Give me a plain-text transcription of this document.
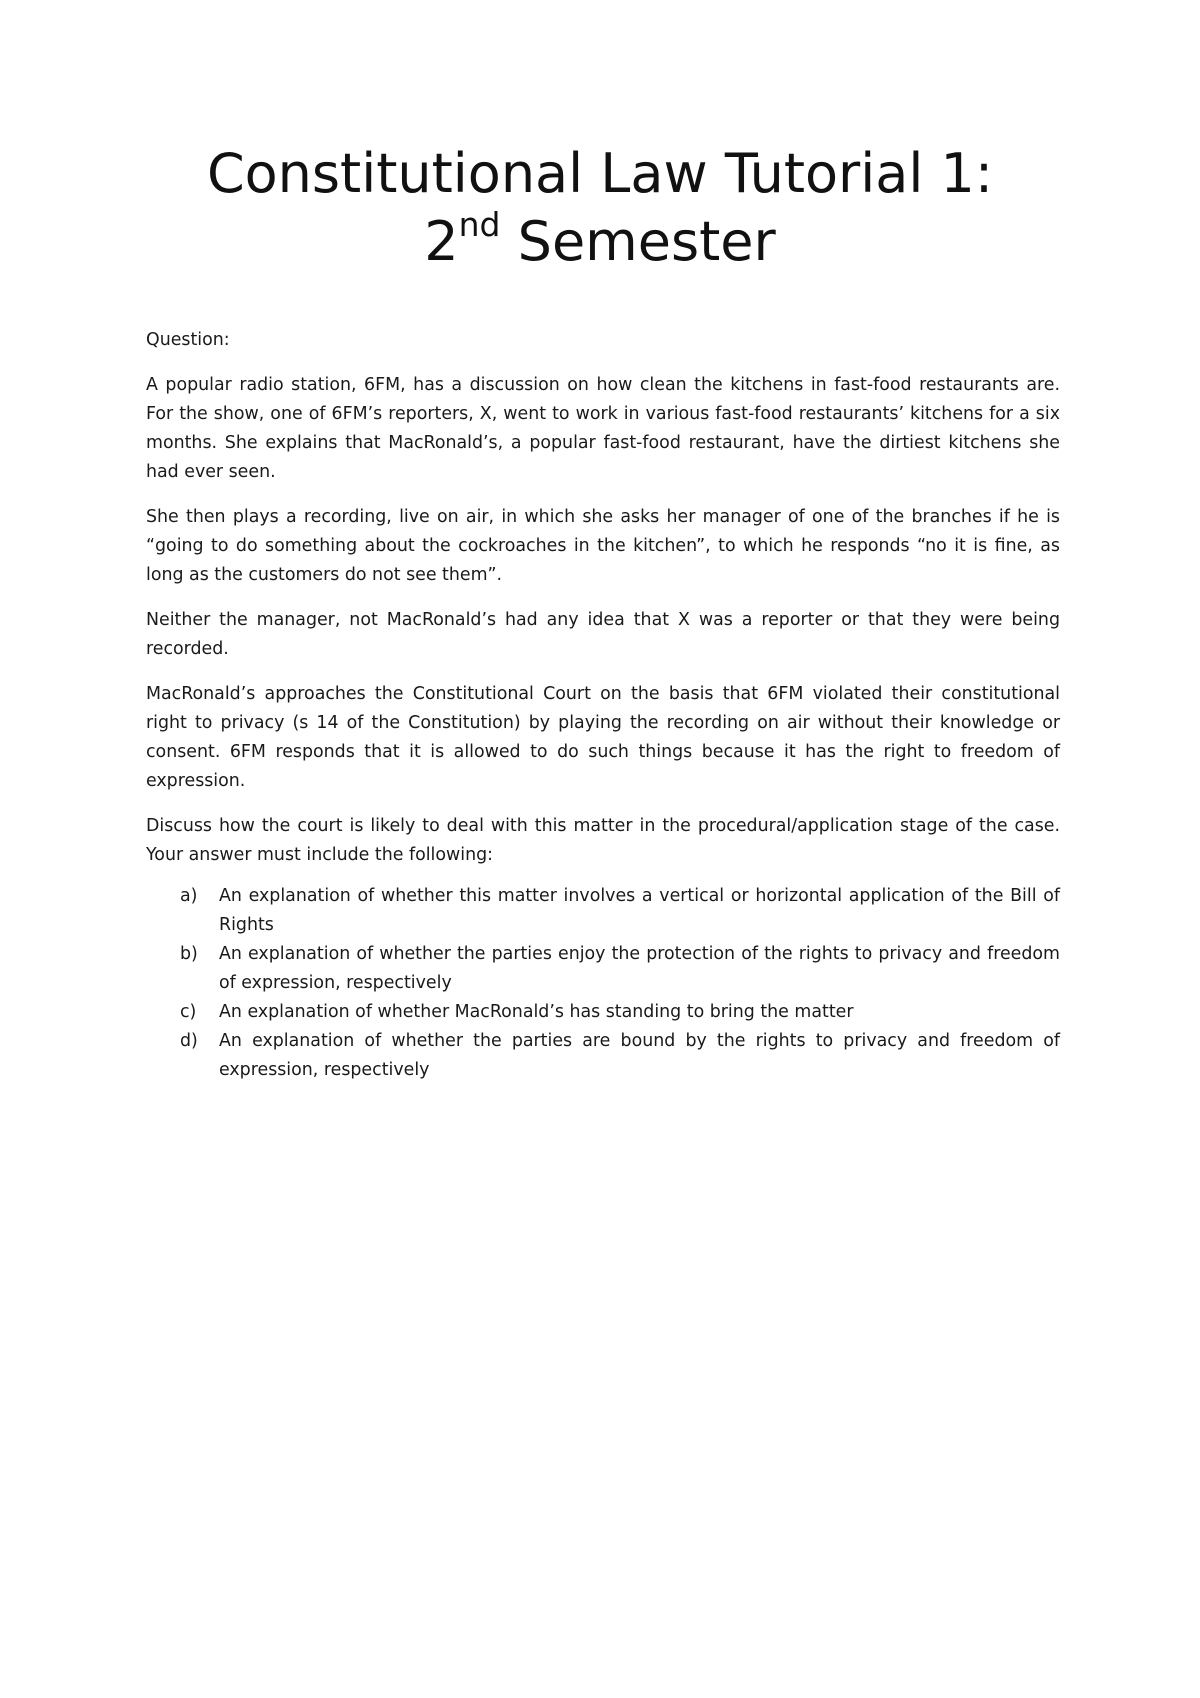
Constitutional Law Tutorial 1:
2nd Semester

Question:

A popular radio station, 6FM, has a discussion on how clean the kitchens in fast-food restaurants are. For the show, one of 6FM’s reporters, X, went to work in various fast-food restaurants’ kitchens for a six months. She explains that MacRonald’s, a popular fast-food restaurant, have the dirtiest kitchens she had ever seen.

She then plays a recording, live on air, in which she asks her manager of one of the branches if he is “going to do something about the cockroaches in the kitchen”, to which he responds “no it is fine, as long as the customers do not see them”.

Neither the manager, not MacRonald’s had any idea that X was a reporter or that they were being recorded.

MacRonald’s approaches the Constitutional Court on the basis that 6FM violated their constitutional right to privacy (s 14 of the Constitution) by playing the recording on air without their knowledge or consent. 6FM responds that it is allowed to do such things because it has the right to freedom of expression.

Discuss how the court is likely to deal with this matter in the procedural/application stage of the case. Your answer must include the following:

a)	An explanation of whether this matter involves a vertical or horizontal application of the Bill of Rights
b)	An explanation of whether the parties enjoy the protection of the rights to privacy and freedom of expression, respectively
c)	An explanation of whether MacRonald’s has standing to bring the matter
d)	An explanation of whether the parties are bound by the rights to privacy and freedom of expression, respectively
